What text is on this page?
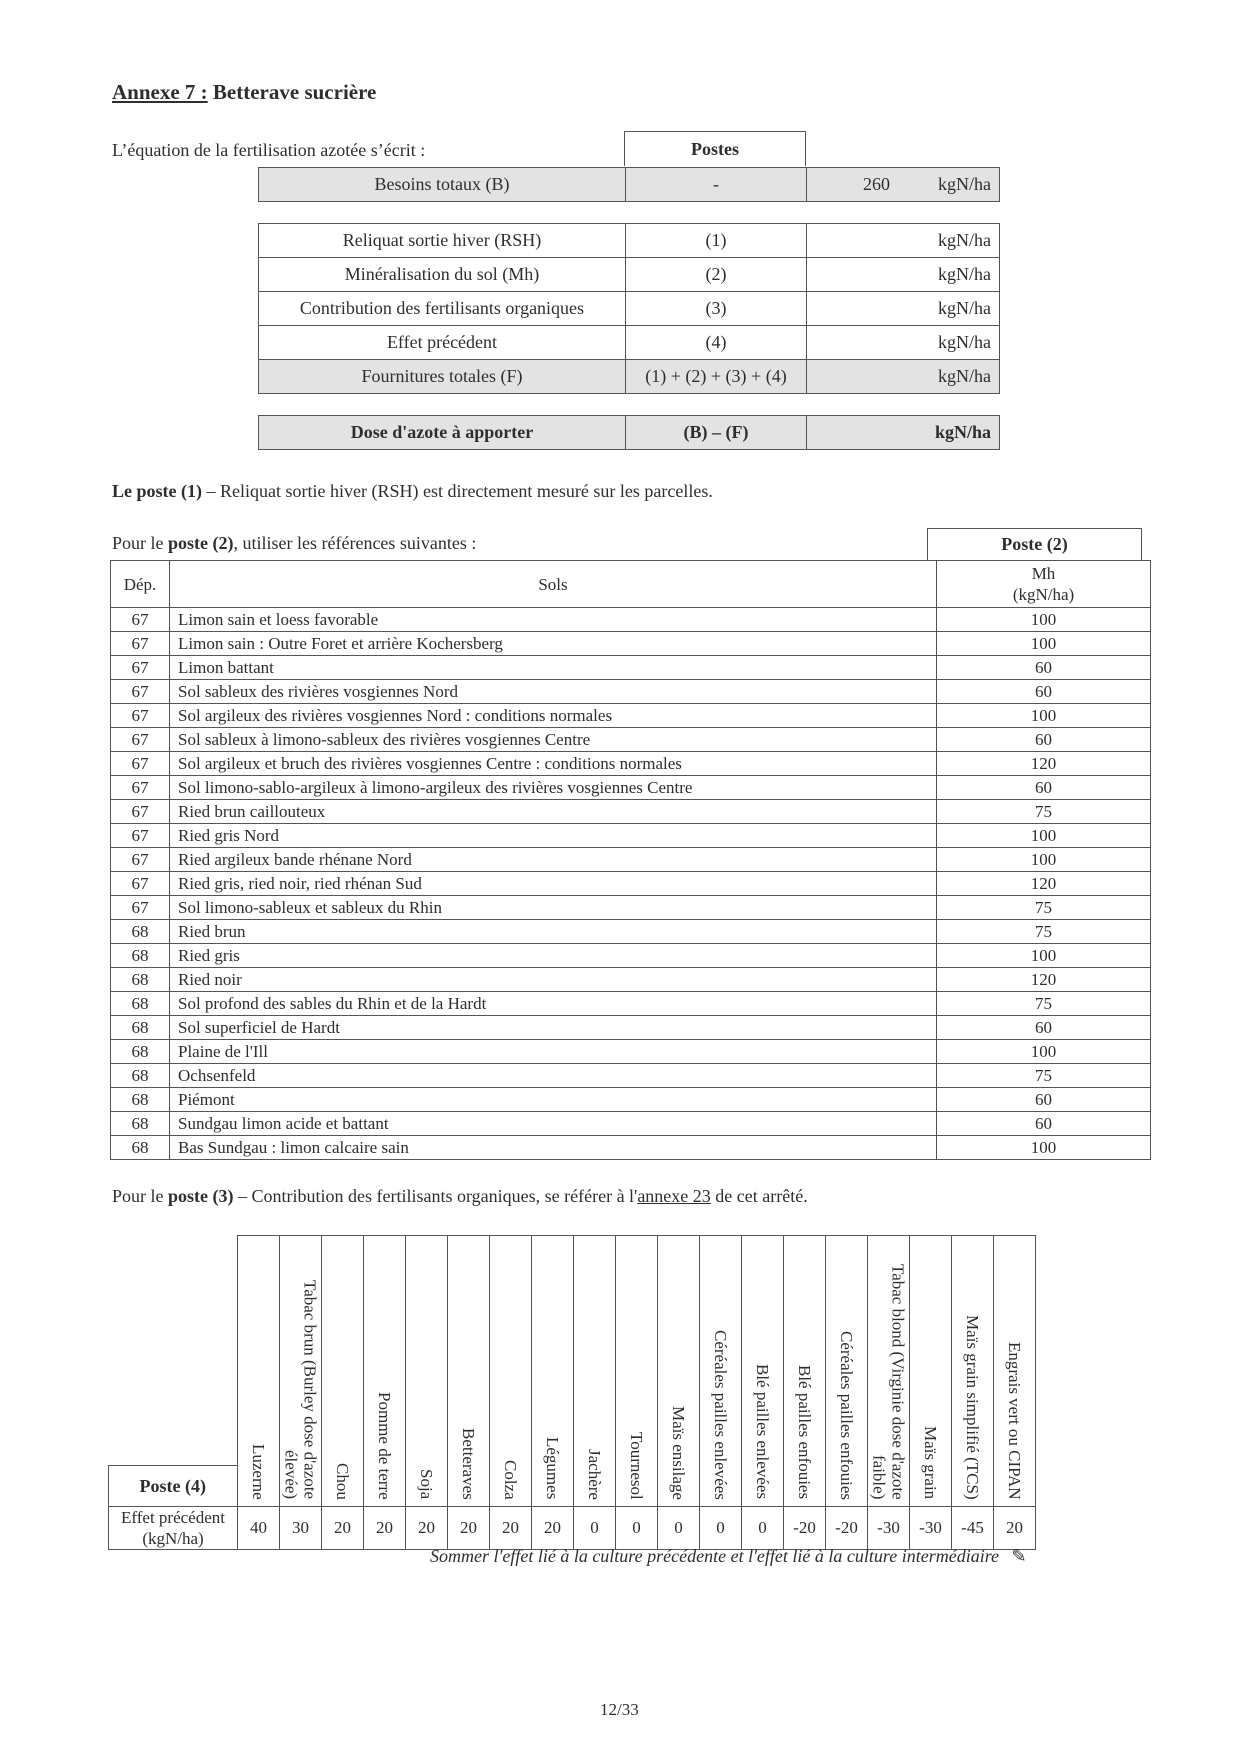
Annexe 7 : Betterave sucrière
L’équation de la fertilisation azotée s’écrit :	Postes
Besoins totaux (B)	-	260	kgN/ha
Reliquat sortie hiver (RSH)	(1)	kgN/ha

Minéralisation du sol (Mh)	(2)	kgN/ha

Contribution des fertilisants organiques	(3)	kgN/ha

Effet précédent	(4)	kgN/ha

Fournitures totales (F)	(1) + (2) + (3) + (4)	kgN/ha
Dose d'azote à apporter	(B) – (F)	kgN/ha
Le poste (1) – Reliquat sortie hiver (RSH) est directement mesuré sur les parcelles.
Pour le poste (2), utiliser les références suivantes :	Poste (2)
Dép.	Sols	Mh
(kgN/ha)

67	Limon sain et loess favorable	100
67	Limon sain : Outre Foret et arrière Kochersberg	100
67	Limon battant	60
67	Sol sableux des rivières vosgiennes Nord	60
67	Sol argileux des rivières vosgiennes Nord : conditions normales	100
67	Sol sableux à limono-sableux des rivières vosgiennes Centre	60
67	Sol argileux et bruch des rivières vosgiennes Centre : conditions normales	120
67	Sol limono-sablo-argileux à limono-argileux des rivières vosgiennes Centre	60
67	Ried brun caillouteux	75
67	Ried gris Nord	100
67	Ried argileux bande rhénane Nord	100
67	Ried gris, ried noir, ried rhénan Sud	120
67	Sol limono-sableux et sableux du Rhin	75
68	Ried brun	75
68	Ried gris	100
68	Ried noir	120
68	Sol profond des sables du Rhin et de la Hardt	75
68	Sol superficiel de Hardt	60
68	Plaine de l'Ill	100
68	Ochsenfeld	75
68	Piémont	60
68	Sundgau limon acide et battant	60
68	Bas Sundgau : limon calcaire sain	100
Pour le poste (3) – Contribution des fertilisants organiques, se référer à l'annexe 23 de cet arrêté.
Poste (4)	Luzerne	Tabac brun (Burley dose d'azote élevée)	Chou	Pomme de terre	Soja	Betteraves	Colza	Légumes	Jachère	Tournesol	Maïs ensilage	Céréales pailles enlevées	Blé pailles enlevées	Blé pailles enfouies	Céréales pailles enfouies	Tabac blond (Virginie dose d'azote faible)	Maïs grain	Maïs grain simplifié (TCS)	Engrais vert ou CIPAN

Effet précédent (kgN/ha)	40	30	20	20	20	20	20	20	0	0	0	0	0	-20	-20	-30	-30	-45	20
Sommer l'effet lié à la culture précédente et l'effet lié à la culture intermédiaire ✎
12/33
